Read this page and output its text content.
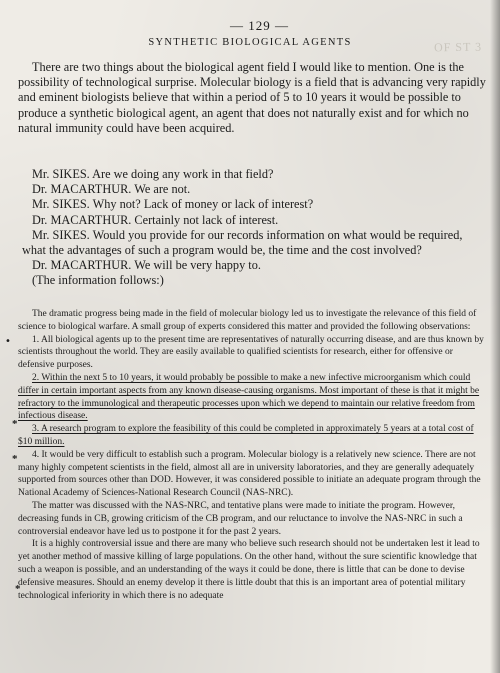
OF ST 3
— 129 —
SYNTHETIC BIOLOGICAL AGENTS

There are two things about the biological agent field I would like to mention. One is the possibility of technological surprise. Molecular biology is a field that is advancing very rapidly and eminent biologists believe that within a period of 5 to 10 years it would be possible to produce a synthetic biological agent, an agent that does not naturally exist and for which no natural immunity could have been acquired.

Mr. SIKES. Are we doing any work in that field?

Dr. MACARTHUR. We are not.

Mr. SIKES. Why not? Lack of money or lack of interest?

Dr. MACARTHUR. Certainly not lack of interest.

Mr. SIKES. Would you provide for our records information on what would be required, what the advantages of such a program would be, the time and the cost involved?

Dr. MACARTHUR. We will be very happy to.

(The information follows:)

The dramatic progress being made in the field of molecular biology led us to investigate the relevance of this field of science to biological warfare. A small group of experts considered this matter and provided the following observations:

1. All biological agents up to the present time are representatives of naturally occurring disease, and are thus known by scientists throughout the world. They are easily available to qualified scientists for research, either for offensive or defensive purposes.

2. Within the next 5 to 10 years, it would probably be possible to make a new infective microorganism which could differ in certain important aspects from any known disease-causing organisms. Most important of these is that it might be refractory to the immunological and therapeutic processes upon which we depend to maintain our relative freedom from infectious disease.

3. A research program to explore the feasibility of this could be completed in approximately 5 years at a total cost of $10 million.

4. It would be very difficult to establish such a program. Molecular biology is a relatively new science. There are not many highly competent scientists in the field, almost all are in university laboratories, and they are generally adequately supported from sources other than DOD. However, it was considered possible to initiate an adequate program through the National Academy of Sciences-National Research Council (NAS-NRC).

The matter was discussed with the NAS-NRC, and tentative plans were made to initiate the program. However, decreasing funds in CB, growing criticism of the CB program, and our reluctance to involve the NAS-NRC in such a controversial endeavor have led us to postpone it for the past 2 years.

It is a highly controversial issue and there are many who believe such research should not be undertaken lest it lead to yet another method of massive killing of large populations. On the other hand, without the sure scientific knowledge that such a weapon is possible, and an understanding of the ways it could be done, there is little that can be done to devise defensive measures. Should an enemy develop it there is little doubt that this is an important area of potential military technological inferiority in which there is no adequate

•
*
*
*
